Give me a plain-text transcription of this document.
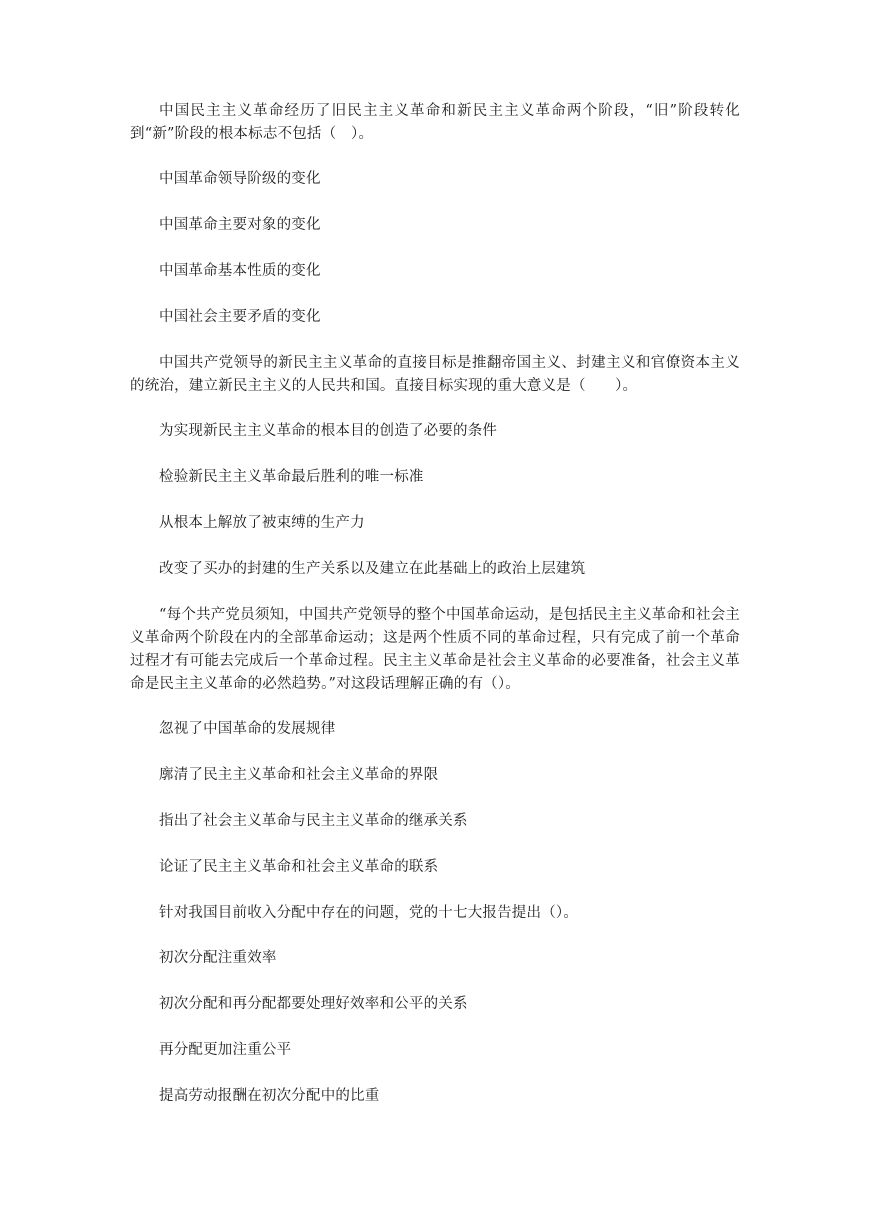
中国民主主义革命经历了旧民主主义革命和新民主主义革命两个阶段，“旧”阶段转化到“新”阶段的根本标志不包括（　）。

中国革命领导阶级的变化

中国革命主要对象的变化

中国革命基本性质的变化

中国社会主要矛盾的变化

中国共产党领导的新民主主义革命的直接目标是推翻帝国主义、封建主义和官僚资本主义的统治，建立新民主主义的人民共和国。直接目标实现的重大意义是（　　）。

为实现新民主主义革命的根本目的创造了必要的条件

检验新民主主义革命最后胜利的唯一标准

从根本上解放了被束缚的生产力

改变了买办的封建的生产关系以及建立在此基础上的政治上层建筑

“每个共产党员须知，中国共产党领导的整个中国革命运动，是包括民主主义革命和社会主义革命两个阶段在内的全部革命运动；这是两个性质不同的革命过程，只有完成了前一个革命过程才有可能去完成后一个革命过程。民主主义革命是社会主义革命的必要准备，社会主义革命是民主主义革命的必然趋势。”对这段话理解正确的有（）。

忽视了中国革命的发展规律

廓清了民主主义革命和社会主义革命的界限

指出了社会主义革命与民主主义革命的继承关系

论证了民主主义革命和社会主义革命的联系

针对我国目前收入分配中存在的问题，党的十七大报告提出（）。

初次分配注重效率

初次分配和再分配都要处理好效率和公平的关系

再分配更加注重公平

提高劳动报酬在初次分配中的比重
